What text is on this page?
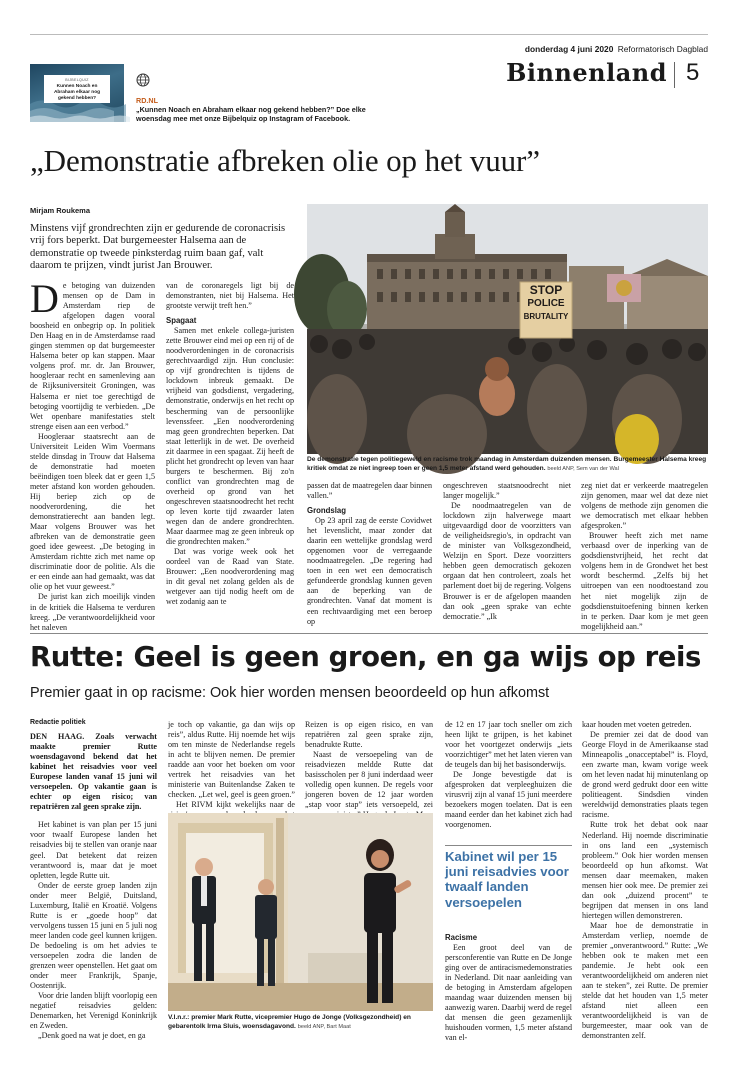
donderdag 4 juni 2020 Reformatorisch Dagblad
Binnenland 5
BIJBELQUIZ
Kunnen Noach en Abraham elkaar nog gekend hebben?	RD.NL
„Kunnen Noach en Abraham elkaar nog gekend hebben?” Doe elke woensdag mee met onze Bijbelquiz op Instagram of Facebook.
„Demonstratie afbreken olie op het vuur”
Mirjam Roukema
Minstens vijf grondrechten zijn er gedurende de coronacrisis vrij fors beperkt. Dat burgemeester Halsema aan de demonstratie op tweede pinksterdag ruim baan gaf, valt daarom te prijzen, vindt jurist Jan Brouwer.
D e betoging van duizenden mensen op de Dam in Amsterdam riep de afgelopen dagen vooral boosheid en onbegrip op. In politiek Den Haag en in de Amsterdamse raad gingen stemmen op dat burgemeester Halsema beter op kan stappen. Maar volgens prof. mr. dr. Jan Brouwer, hoogleraar recht en samenleving aan de Rijksuniversiteit Groningen, was Halsema er niet toe gerechtigd de betoging voortijdig te verbieden. „De Wet openbare manifestaties stelt strenge eisen aan een verbod.”

Hoogleraar staatsrecht aan de Universiteit Leiden Wim Voermans stelde dinsdag in Trouw dat Halsema de demonstratie had moeten beëindigen toen bleek dat er geen 1,5 meter afstand kon worden gehouden. Hij beriep zich op de noodverordening, die het demonstratierecht aan banden legt. Maar volgens Brouwer was het afbreken van de demonstratie geen goed idee geweest. „De betoging in Amsterdam richtte zich met name op discriminatie door de politie. Als die er een einde aan had gemaakt, was dat olie op het vuur geweest.”

De jurist kan zich moeilijk vinden in de kritiek die Halsema te verduren kreeg. „De verantwoordelijkheid voor het naleven

van de coronaregels ligt bij de demonstranten, niet bij Halsema. Het grootste verwijt treft hen.”

Spagaat

Samen met enkele collega-juristen zette Brouwer eind mei op een rij of de noodverordeningen in de coronacrisis gerechtvaardigd zijn. Hun conclusie: op vijf grondrechten is tijdens de lockdown inbreuk gemaakt. De vrijheid van godsdienst, vergadering, demonstratie, onderwijs en het recht op bescherming van de persoonlijke levenssfeer. „Een noodverordening mag geen grondrechten beperken. Dat staat letterlijk in de wet. De overheid zit daarmee in een spagaat. Zij heeft de plicht het grondrecht op leven van haar burgers te beschermen. Bij zo'n conflict van grondrechten mag de overheid op grond van het ongeschreven staatsnoodrecht het recht op leven korte tijd zwaarder laten wegen dan de andere grondrechten. Maar daarmee mag ze geen inbreuk op die grondrechten maken.”

Dat was vorige week ook het oordeel van de Raad van State. Brouwer: „Een noodverordening mag in dit geval net zolang gelden als de wetgever aan tijd nodig heeft om de wet zodanig aan te

STOP
POLICE
BRUTALITY
De demonstratie tegen politiegeweld en racisme trok maandag in Amsterdam duizenden mensen. Burgemeester Halsema kreeg kritiek omdat ze niet ingreep toen er geen 1,5 meter afstand werd gehouden. beeld ANP, Sem van der Wal

passen dat de maatregelen daar binnen vallen.”

Grondslag

Op 23 april zag de eerste Covidwet het levenslicht, maar zonder dat daarin een wettelijke grondslag werd opgenomen voor de verregaande noodmaatregelen. „De regering had toen in een wet een democratisch gefundeerde grondslag kunnen geven aan de beperking van de grondrechten. Vanaf dat moment is een rechtvaardiging met een beroep op

ongeschreven staatsnoodrecht niet langer mogelijk.”

De noodmaatregelen van de lockdown zijn halverwege maart uitgevaardigd door de voorzitters van de veiligheidsregio's, in opdracht van de minister van Volksgezondheid, Welzijn en Sport. Deze voorzitters hebben geen democratisch gekozen orgaan dat hen controleert, zoals het parlement doet bij de regering. Volgens Brouwer is er de afgelopen maanden dan ook „geen sprake van echte democratie.” „Ik

zeg niet dat er verkeerde maatregelen zijn genomen, maar wel dat deze niet volgens de methode zijn genomen die we democratisch met elkaar hebben afgesproken.”

Brouwer heeft zich met name verbaasd over de inperking van de godsdienstvrijheid, het recht dat volgens hem in de Grondwet het best wordt beschermd. „Zelfs bij het uitroepen van een noodtoestand zou het niet mogelijk zijn de godsdienstuitoefening binnen kerken in te perken. Daar kom je met geen mogelijkheid aan.”

Rutte: Geel is geen groen, en ga wijs op reis
Premier gaat in op racisme: Ook hier worden mensen beoordeeld op hun afkomst
Redactie politiek

DEN HAAG. Zoals verwacht maakte premier Rutte woensdagavond bekend dat het kabinet het reisadvies voor veel Europese landen vanaf 15 juni wil versoepelen. Op vakantie gaan is echter op eigen risico; van repatriëren zal geen sprake zijn.

Het kabinet is van plan per 15 juni voor twaalf Europese landen het reisadvies bij te stellen van oranje naar geel. Dat betekent dat reizen verantwoord is, maar dat je moet opletten, legde Rutte uit.

Onder de eerste groep landen zijn onder meer België, Duitsland, Luxemburg, Italië en Kroatië. Volgens Rutte is er „goede hoop” dat vervolgens tussen 15 juni en 5 juli nog meer landen code geel kunnen krijgen. De bedoeling is om het advies te versoepelen zodra die landen de grenzen weer openstellen. Het gaat om onder meer Frankrijk, Spanje, Oostenrijk.

Voor drie landen blijft voorlopig een negatief reisadvies gelden: Denemarken, het Verenigd Koninkrijk en Zweden.

„Denk goed na wat je doet, en ga

je toch op vakantie, ga dan wijs op reis”, aldus Rutte. Hij noemde het wijs om ten minste de Nederlandse regels in acht te blijven nemen. De premier raadde aan voor het boeken om voor vertrek het reisadvies van het ministerie van Buitenlandse Zaken te checken. „Let wel, geel is geen groen.”

Het RIVM kijkt wekelijks naar de

Reizen is op eigen risico, en van repatriëren zal geen sprake zijn, benadrukte Rutte.

Naast de versoepeling van de reisadviezen meldde Rutte dat basisscholen per 8 juni inderdaad weer volledig open kunnen. De regels voor jongeren boven de 12 jaar worden „stap voor stap” iets versoepeld, zei

V.l.n.r.: premier Mark Rutte, vicepremier Hugo de Jonge (Volksgezondheid) en gebarentolk Irma Sluis, woensdagavond. beeld ANP, Bart Maat

de 12 en 17 jaar toch sneller om zich heen lijkt te grijpen, is het kabinet voor het voortgezet onderwijs „iets voorzichtiger” met het laten vieren van de teugels dan bij het basisonderwijs.

De Jonge bevestigde dat is afgesproken dat verpleeghuizen die virusvrij zijn al vanaf 15 juni meerdere bezoekers mogen toelaten. Dat is een maand eerder dan het kabinet zich had voorgenomen.

Kabinet wil per 15 juni reisadvies voor twaalf landen versoepelen
Racisme

Een groot deel van de persconferentie van Rutte en De Jonge ging over de antiracismedemonstraties in Nederland. Dit naar aanleiding van de betoging in Amsterdam afgelopen maandag waar duizenden mensen bij aanwezig waren. Daarbij werd de regel dat mensen die geen gezamenlijk huishouden vormen, 1,5 meter afstand van el-

kaar houden met voeten getreden.

De premier zei dat de dood van George Floyd in de Amerikaanse stad Minneapolis „onacceptabel” is. Floyd, een zwarte man, kwam vorige week om het leven nadat hij minutenlang op de grond werd gedrukt door een witte politieagent. Sindsdien vinden wereldwijd demonstraties plaats tegen racisme.

Rutte trok het debat ook naar Nederland. Hij noemde discriminatie in ons land een „systemisch probleem.” Ook hier worden mensen beoordeeld op hun afkomst. Wat mensen daar meemaken, maken mensen hier ook mee. De premier zei dan ook „duizend procent” te begrijpen dat mensen in ons land hiertegen willen demonstreren.

Maar hoe de demonstratie in Amsterdam verliep, noemde de premier „onverantwoord.” Rutte: „We hebben ook te maken met een pandemie. Je hebt ook een verantwoordelijkheid om anderen niet aan te steken”, zei Rutte. De premier stelde dat het houden van 1,5 meter afstand niet alleen een verantwoordelijkheid is van de burgemeester, maar ook van de demonstranten zelf.
